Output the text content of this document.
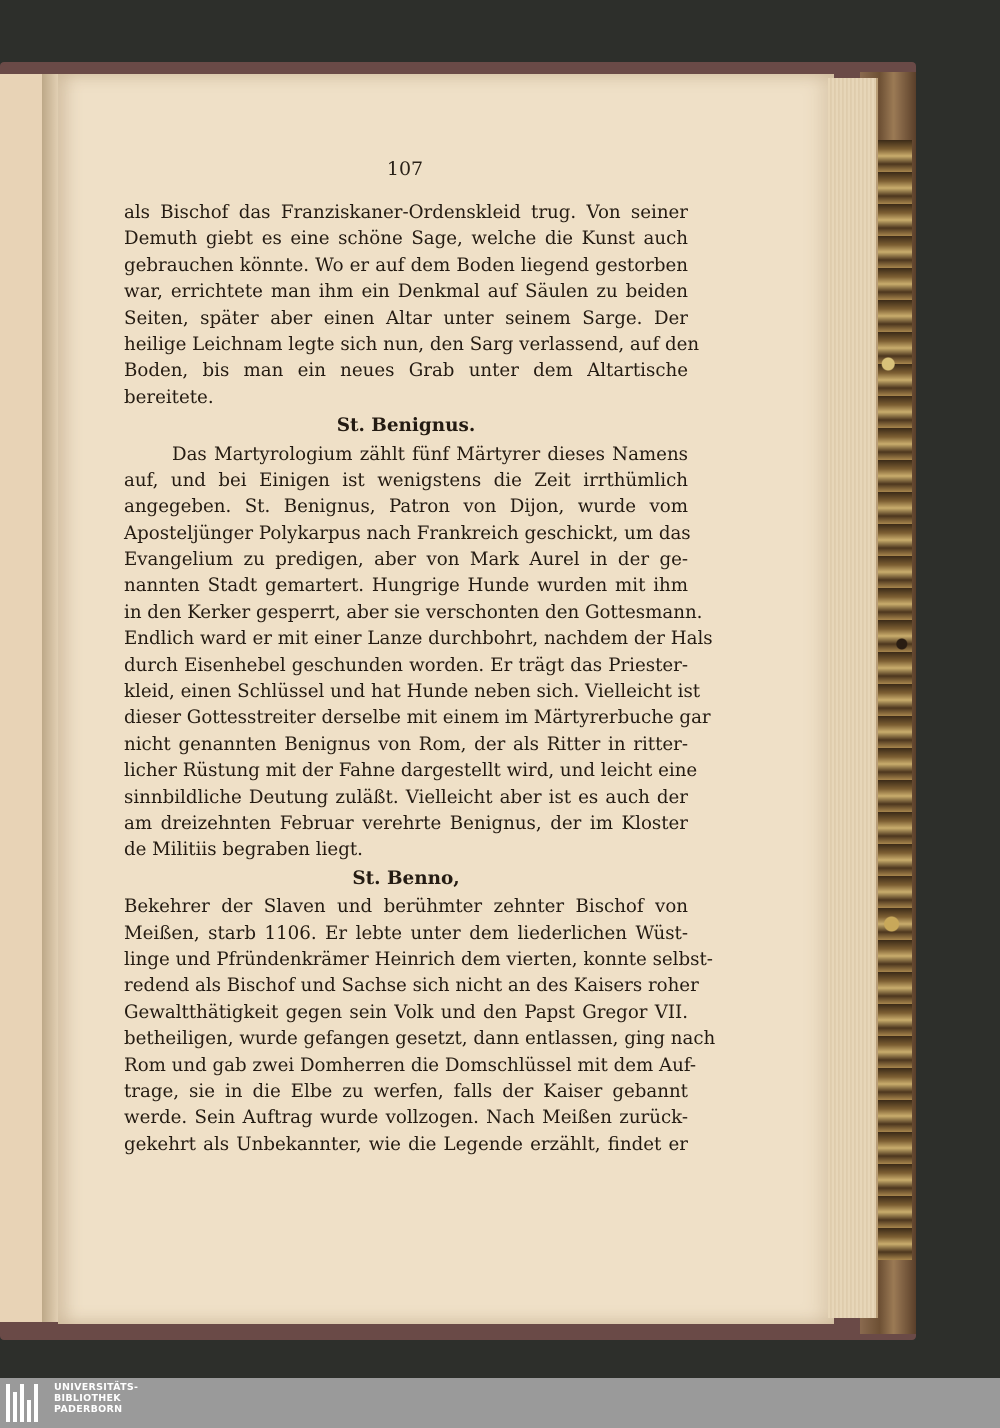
107
als Bischof das Franziskaner-Ordenskleid trug. Von seiner
Demuth giebt es eine schöne Sage, welche die Kunst auch
gebrauchen könnte. Wo er auf dem Boden liegend gestorben
war, errichtete man ihm ein Denkmal auf Säulen zu beiden
Seiten, später aber einen Altar unter seinem Sarge. Der
heilige Leichnam legte sich nun, den Sarg verlassend, auf den
Boden, bis man ein neues Grab unter dem Altartische
bereitete.
St. Benignus.
Das Martyrologium zählt fünf Märtyrer dieses Namens
auf, und bei Einigen ist wenigstens die Zeit irrthümlich
angegeben. St. Benignus, Patron von Dijon, wurde vom
Apostelјünger Polykarpus nach Frankreich geschickt, um das
Evangelium zu predigen, aber von Mark Aurel in der ge-
nannten Stadt gemartert. Hungrige Hunde wurden mit ihm
in den Kerker gesperrt, aber sie verschonten den Gottesmann.
Endlich ward er mit einer Lanze durchbohrt, nachdem der Hals
durch Eisenhebel geschunden worden. Er trägt das Priester-
kleid, einen Schlüssel und hat Hunde neben sich. Vielleicht ist
dieser Gottesstreiter derselbe mit einem im Märtyrerbuche gar
nicht genannten Benignus von Rom, der als Ritter in ritter-
licher Rüstung mit der Fahne dargestellt wird, und leicht eine
sinnbildliche Deutung zuläßt. Vielleicht aber ist es auch der
am dreizehnten Februar verehrte Benignus, der im Kloster
de Militiis begraben liegt.
St. Benno,
Bekehrer der Slaven und berühmter zehnter Bischof von
Meißen, starb 1106. Er lebte unter dem liederlichen Wüst-
linge und Pfründenkrämer Heinrich dem vierten, konnte selbst-
redend als Bischof und Sachse sich nicht an des Kaisers roher
Gewaltthätigkeit gegen sein Volk und den Papst Gregor VII.
betheiligen, wurde gefangen gesetzt, dann entlassen, ging nach
Rom und gab zwei Domherren die Domschlüssel mit dem Auf-
trage, sie in die Elbe zu werfen, falls der Kaiser gebannt
werde. Sein Auftrag wurde vollzogen. Nach Meißen zurück-
gekehrt als Unbekannter, wie die Legende erzählt, findet er
UNIVERSITÄTS-
BIBLIOTHEK
PADERBORN
